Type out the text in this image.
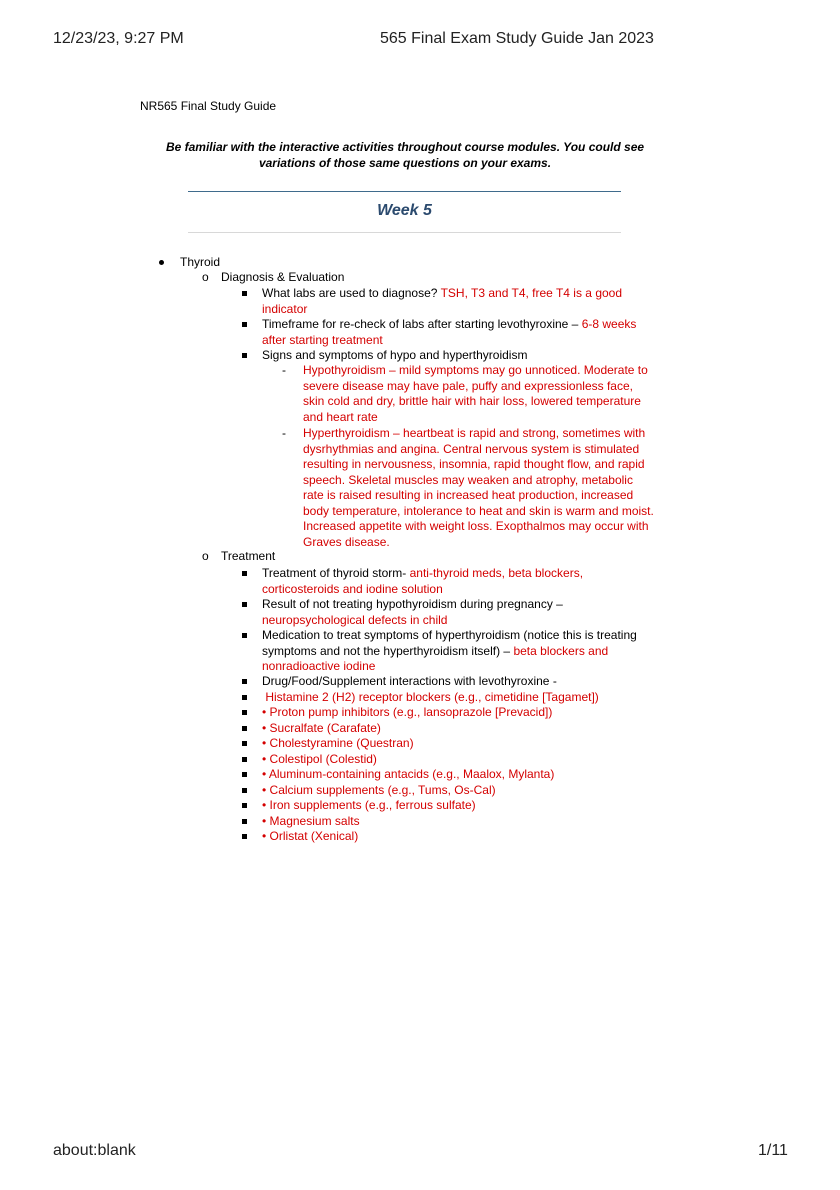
12/23/23, 9:27 PM	565 Final Exam Study Guide Jan 2023
NR565 Final Study Guide
Be familiar with the interactive activities throughout course modules. You could see
variations of those same questions on your exams.
Week 5
Thyroid
o Diagnosis & Evaluation
What labs are used to diagnose? TSH, T3 and T4, free T4 is a good
indicator
Timeframe for re-check of labs after starting levothyroxine – 6-8 weeks
after starting treatment
Signs and symptoms of hypo and hyperthyroidism
- Hypothyroidism – mild symptoms may go unnoticed. Moderate to
severe disease may have pale, puffy and expressionless face,
skin cold and dry, brittle hair with hair loss, lowered temperature
and heart rate
- Hyperthyroidism – heartbeat is rapid and strong, sometimes with
dysrhythmias and angina. Central nervous system is stimulated
resulting in nervousness, insomnia, rapid thought flow, and rapid
speech. Skeletal muscles may weaken and atrophy, metabolic
rate is raised resulting in increased heat production, increased
body temperature, intolerance to heat and skin is warm and moist.
Increased appetite with weight loss. Exopthalmos may occur with
Graves disease.
o Treatment
Treatment of thyroid storm- anti-thyroid meds, beta blockers,
corticosteroids and iodine solution
Result of not treating hypothyroidism during pregnancy –
neuropsychological defects in child
Medication to treat symptoms of hyperthyroidism (notice this is treating
symptoms and not the hyperthyroidism itself) – beta blockers and
nonradioactive iodine
Drug/Food/Supplement interactions with levothyroxine -
Histamine 2 (H2) receptor blockers (e.g., cimetidine [Tagamet])
• Proton pump inhibitors (e.g., lansoprazole [Prevacid])
• Sucralfate (Carafate)
• Cholestyramine (Questran)
• Colestipol (Colestid)
• Aluminum-containing antacids (e.g., Maalox, Mylanta)
• Calcium supplements (e.g., Tums, Os-Cal)
• Iron supplements (e.g., ferrous sulfate)
• Magnesium salts
• Orlistat (Xenical)
about:blank	1/11
